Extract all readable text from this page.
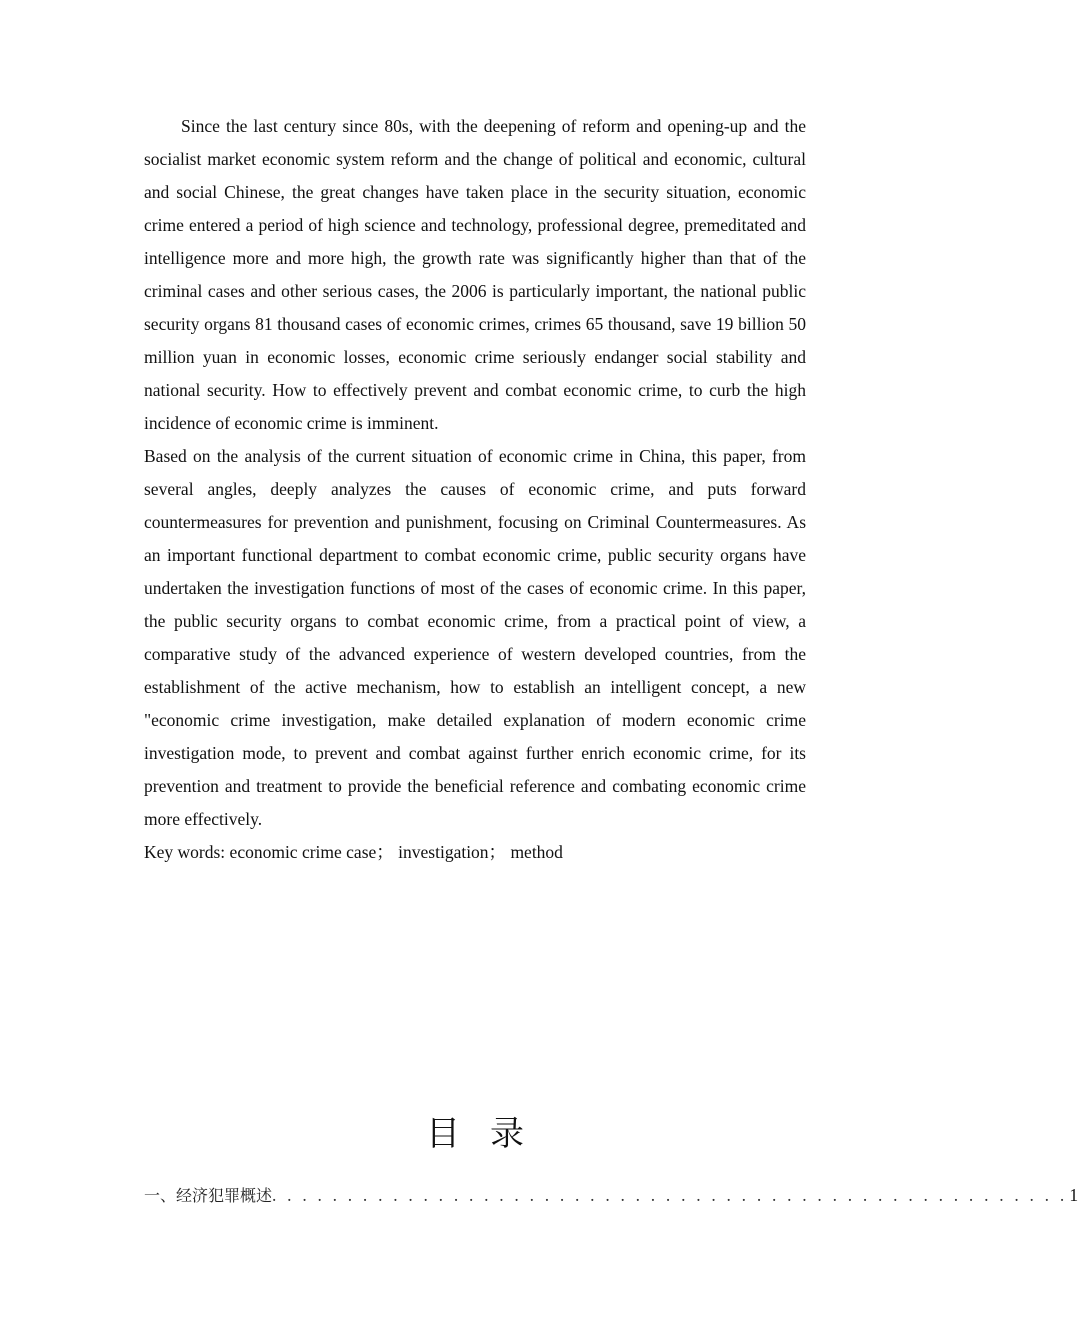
Since the last century since 80s, with the deepening of reform and opening-up and the socialist market economic system reform and the change of political and economic, cultural and social Chinese, the great changes have taken place in the security situation, economic crime entered a period of high science and technology, professional degree, premeditated and intelligence more and more high, the growth rate was significantly higher than that of the criminal cases and other serious cases, the 2006 is particularly important, the national public security organs 81 thousand cases of economic crimes, crimes 65 thousand, save 19 billion 50 million yuan in economic losses, economic crime seriously endanger social stability and national security. How to effectively prevent and combat economic crime, to curb the high incidence of economic crime is imminent.

Based on the analysis of the current situation of economic crime in China, this paper, from several angles, deeply analyzes the causes of economic crime, and puts forward countermeasures for prevention and punishment, focusing on Criminal Countermeasures. As an important functional department to combat economic crime, public security organs have undertaken the investigation functions of most of the cases of economic crime. In this paper, the public security organs to combat economic crime, from a practical point of view, a comparative study of the advanced experience of western developed countries, from the establishment of the active mechanism, how to establish an intelligent concept, a new "economic crime investigation, make detailed explanation of modern economic crime investigation mode, to prevent and combat against further enrich economic crime, for its prevention and treatment to provide the beneficial reference and combating economic crime more effectively.

Key words: economic crime case； investigation； method

目录
一、经济犯罪概述 . . . . . . . . . . . . . . . . . . . . . . . . . . . . . . . . . . . . . . . . . . . . . . . . . . . . . 1
